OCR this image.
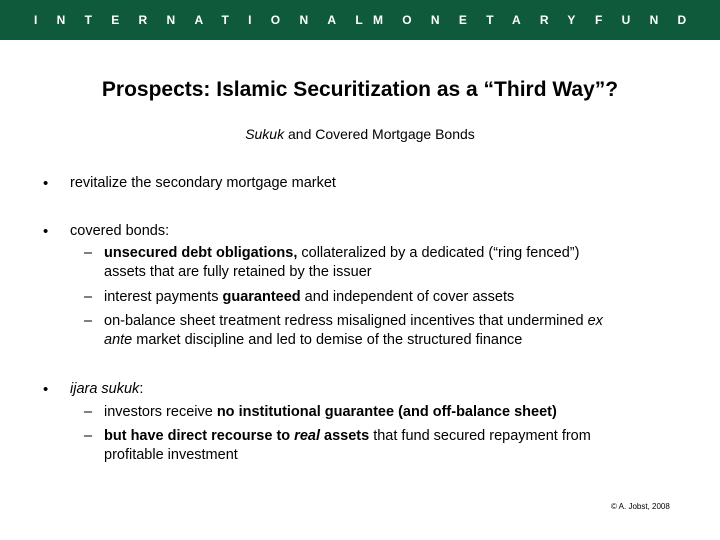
INTERNATIONAL
MONETARY FUND
Prospects: Islamic Securitization as a “Third Way”?
Sukuk and Covered Mortgage Bonds
• revitalize the secondary mortgage market
• covered bonds:
– unsecured debt obligations, collateralized by a dedicated (“ring fenced”)
assets that are fully retained by the issuer
– interest payments guaranteed and independent of cover assets
– on-balance sheet treatment redress misaligned incentives that undermined ex
ante market discipline and led to demise of the structured finance
• ijara sukuk:
– investors receive no institutional guarantee (and off-balance sheet)
– but have direct recourse to real assets that fund secured repayment from
profitable investment
© A. Jobst, 2008
